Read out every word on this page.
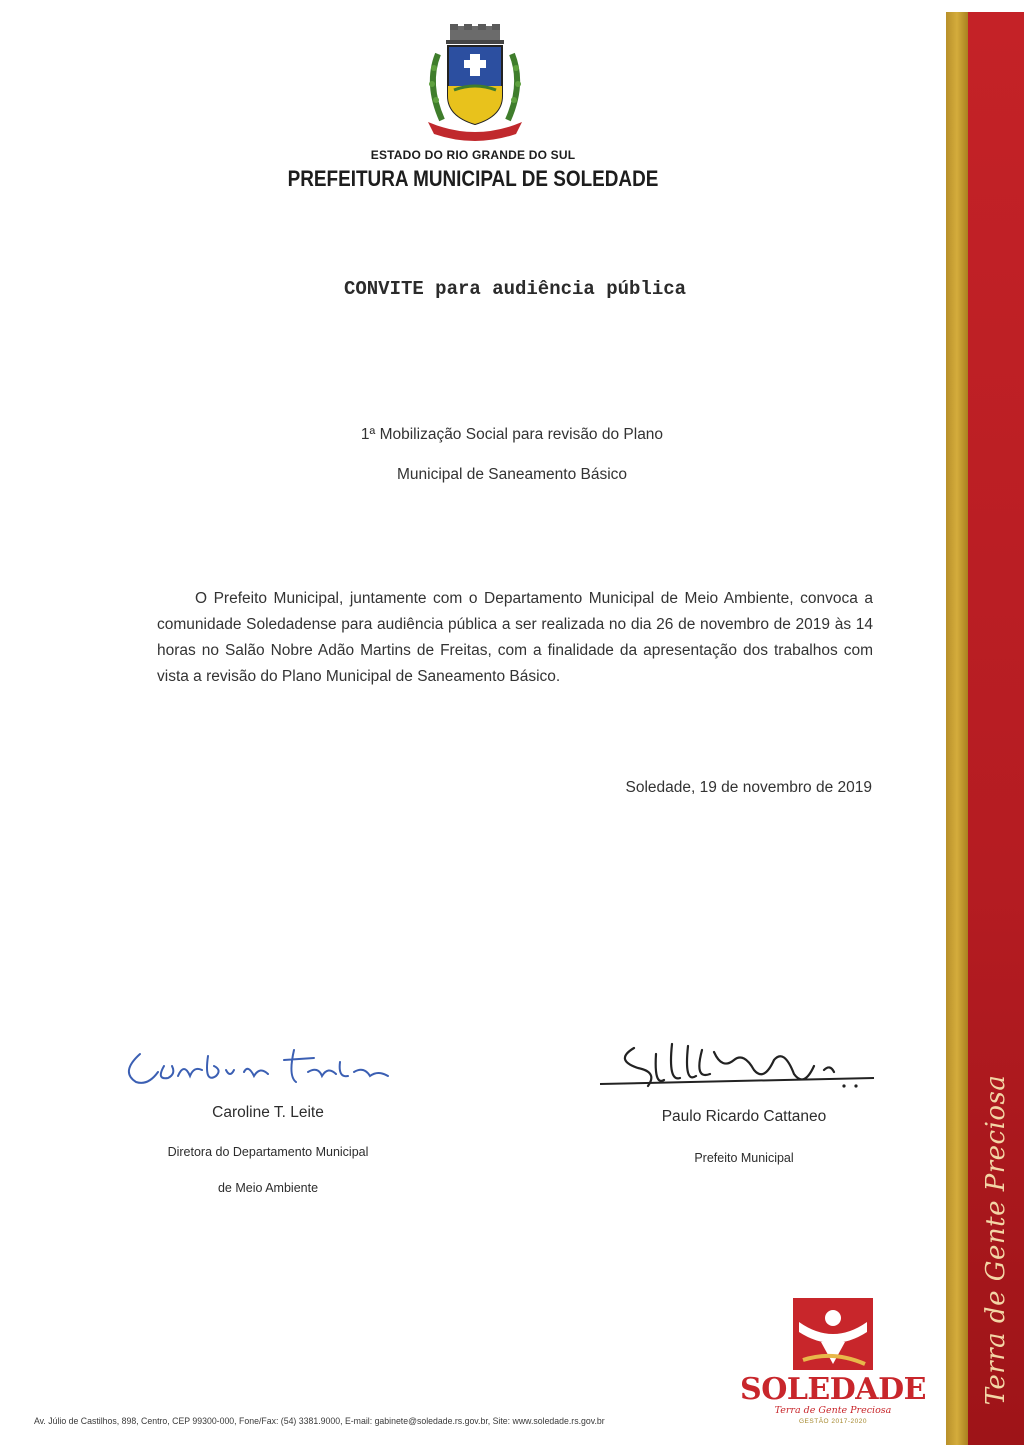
Terra de Gente Preciosa
ESTADO DO RIO GRANDE DO SUL
PREFEITURA MUNICIPAL DE SOLEDADE
CONVITE para audiência pública
1ª Mobilização Social para revisão do Plano
Municipal de Saneamento Básico
O Prefeito Municipal, juntamente com o Departamento Municipal de Meio Ambiente, convoca a comunidade Soledadense para audiência pública a ser realizada no dia 26 de novembro de 2019 às 14 horas no Salão Nobre Adão Martins de Freitas, com a finalidade da apresentação dos trabalhos com vista a revisão do Plano Municipal de Saneamento Básico.
Soledade, 19 de novembro de 2019
Caroline T. Leite
Diretora do Departamento Municipal
de Meio Ambiente
Paulo Ricardo Cattaneo
Prefeito Municipal
SOLEDADE
Terra de Gente Preciosa
GESTÃO 2017-2020
Av. Júlio de Castilhos, 898, Centro, CEP 99300-000, Fone/Fax: (54) 3381.9000, E-mail: gabinete@soledade.rs.gov.br, Site: www.soledade.rs.gov.br
